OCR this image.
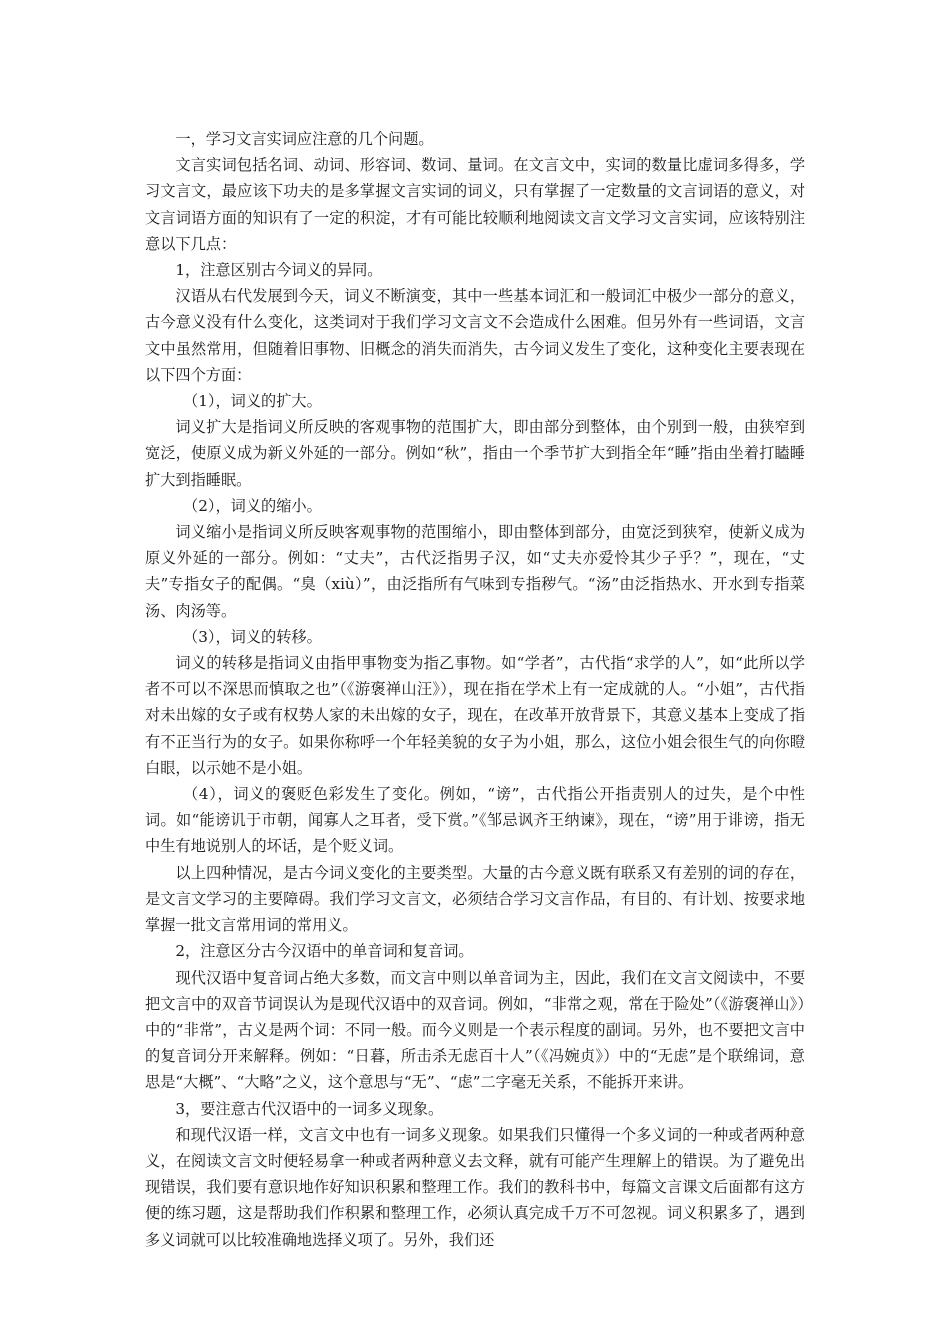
一，学习文言实词应注意的几个问题。

文言实词包括名词、动词、形容词、数词、量词。在文言文中，实词的数量比虚词多得多，学习文言文，最应该下功夫的是多掌握文言实词的词义，只有掌握了一定数量的文言词语的意义，对文言词语方面的知识有了一定的积淀，才有可能比较顺利地阅读文言文学习文言实词，应该特别注意以下几点：

1，注意区别古今词义的异同。

汉语从右代发展到今天，词义不断演变，其中一些基本词汇和一般词汇中极少一部分的意义，古今意义没有什么变化，这类词对于我们学习文言文不会造成什么困难。但另外有一些词语，文言文中虽然常用，但随着旧事物、旧概念的消失而消失，古今词义发生了变化，这种变化主要表现在以下四个方面：

（1），词义的扩大。

词义扩大是指词义所反映的客观事物的范围扩大，即由部分到整体，由个别到一般，由狭窄到宽泛，使原义成为新义外延的一部分。例如“秋”，指由一个季节扩大到指全年“睡”指由坐着打瞌睡扩大到指睡眠。

（2），词义的缩小。

词义缩小是指词义所反映客观事物的范围缩小，即由整体到部分，由宽泛到狭窄，使新义成为原义外延的一部分。例如：“丈夫”，古代泛指男子汉，如“丈夫亦爱怜其少子乎？”，现在，“丈夫”专指女子的配偶。“臭（xiù）”，由泛指所有气味到专指秽气。“汤”由泛指热水、开水到专指菜汤、肉汤等。

（3），词义的转移。

词义的转移是指词义由指甲事物变为指乙事物。如“学者”，古代指“求学的人”，如“此所以学者不可以不深思而慎取之也”（《游褒禅山汪》），现在指在学术上有一定成就的人。“小姐”，古代指对未出嫁的女子或有权势人家的未出嫁的女子，现在，在改革开放背景下，其意义基本上变成了指有不正当行为的女子。如果你称呼一个年轻美貌的女子为小姐，那么，这位小姐会很生气的向你瞪白眼，以示她不是小姐。

（4），词义的褒贬色彩发生了变化。例如，“谤”，古代指公开指责别人的过失，是个中性词。如“能谤讥于市朝，闻寡人之耳者，受下赏。”《邹忌讽齐王纳谏》，现在，“谤”用于诽谤，指无中生有地说别人的坏话，是个贬义词。

以上四种情况，是古今词义变化的主要类型。大量的古今意义既有联系又有差别的词的存在，是文言文学习的主要障碍。我们学习文言文，必须结合学习文言作品，有目的、有计划、按要求地掌握一批文言常用词的常用义。

2，注意区分古今汉语中的单音词和复音词。

现代汉语中复音词占绝大多数，而文言中则以单音词为主，因此，我们在文言文阅读中，不要把文言中的双音节词误认为是现代汉语中的双音词。例如，“非常之观，常在于险处”（《游褒禅山》）中的“非常”，古义是两个词：不同一般。而今义则是一个表示程度的副词。另外，也不要把文言中的复音词分开来解释。例如：“日暮，所击杀无虑百十人”（《冯婉贞》）中的“无虑”是个联绵词，意思是“大概”、“大略”之义，这个意思与“无”、“虑”二字毫无关系，不能拆开来讲。

3，要注意古代汉语中的一词多义现象。

和现代汉语一样，文言文中也有一词多义现象。如果我们只懂得一个多义词的一种或者两种意义，在阅读文言文时便轻易拿一种或者两种意义去文释，就有可能产生理解上的错误。为了避免出现错误，我们要有意识地作好知识积累和整理工作。我们的教科书中，每篇文言课文后面都有这方便的练习题，这是帮助我们作积累和整理工作，必须认真完成千万不可忽视。词义积累多了，遇到多义词就可以比较准确地选择义项了。另外，我们还
